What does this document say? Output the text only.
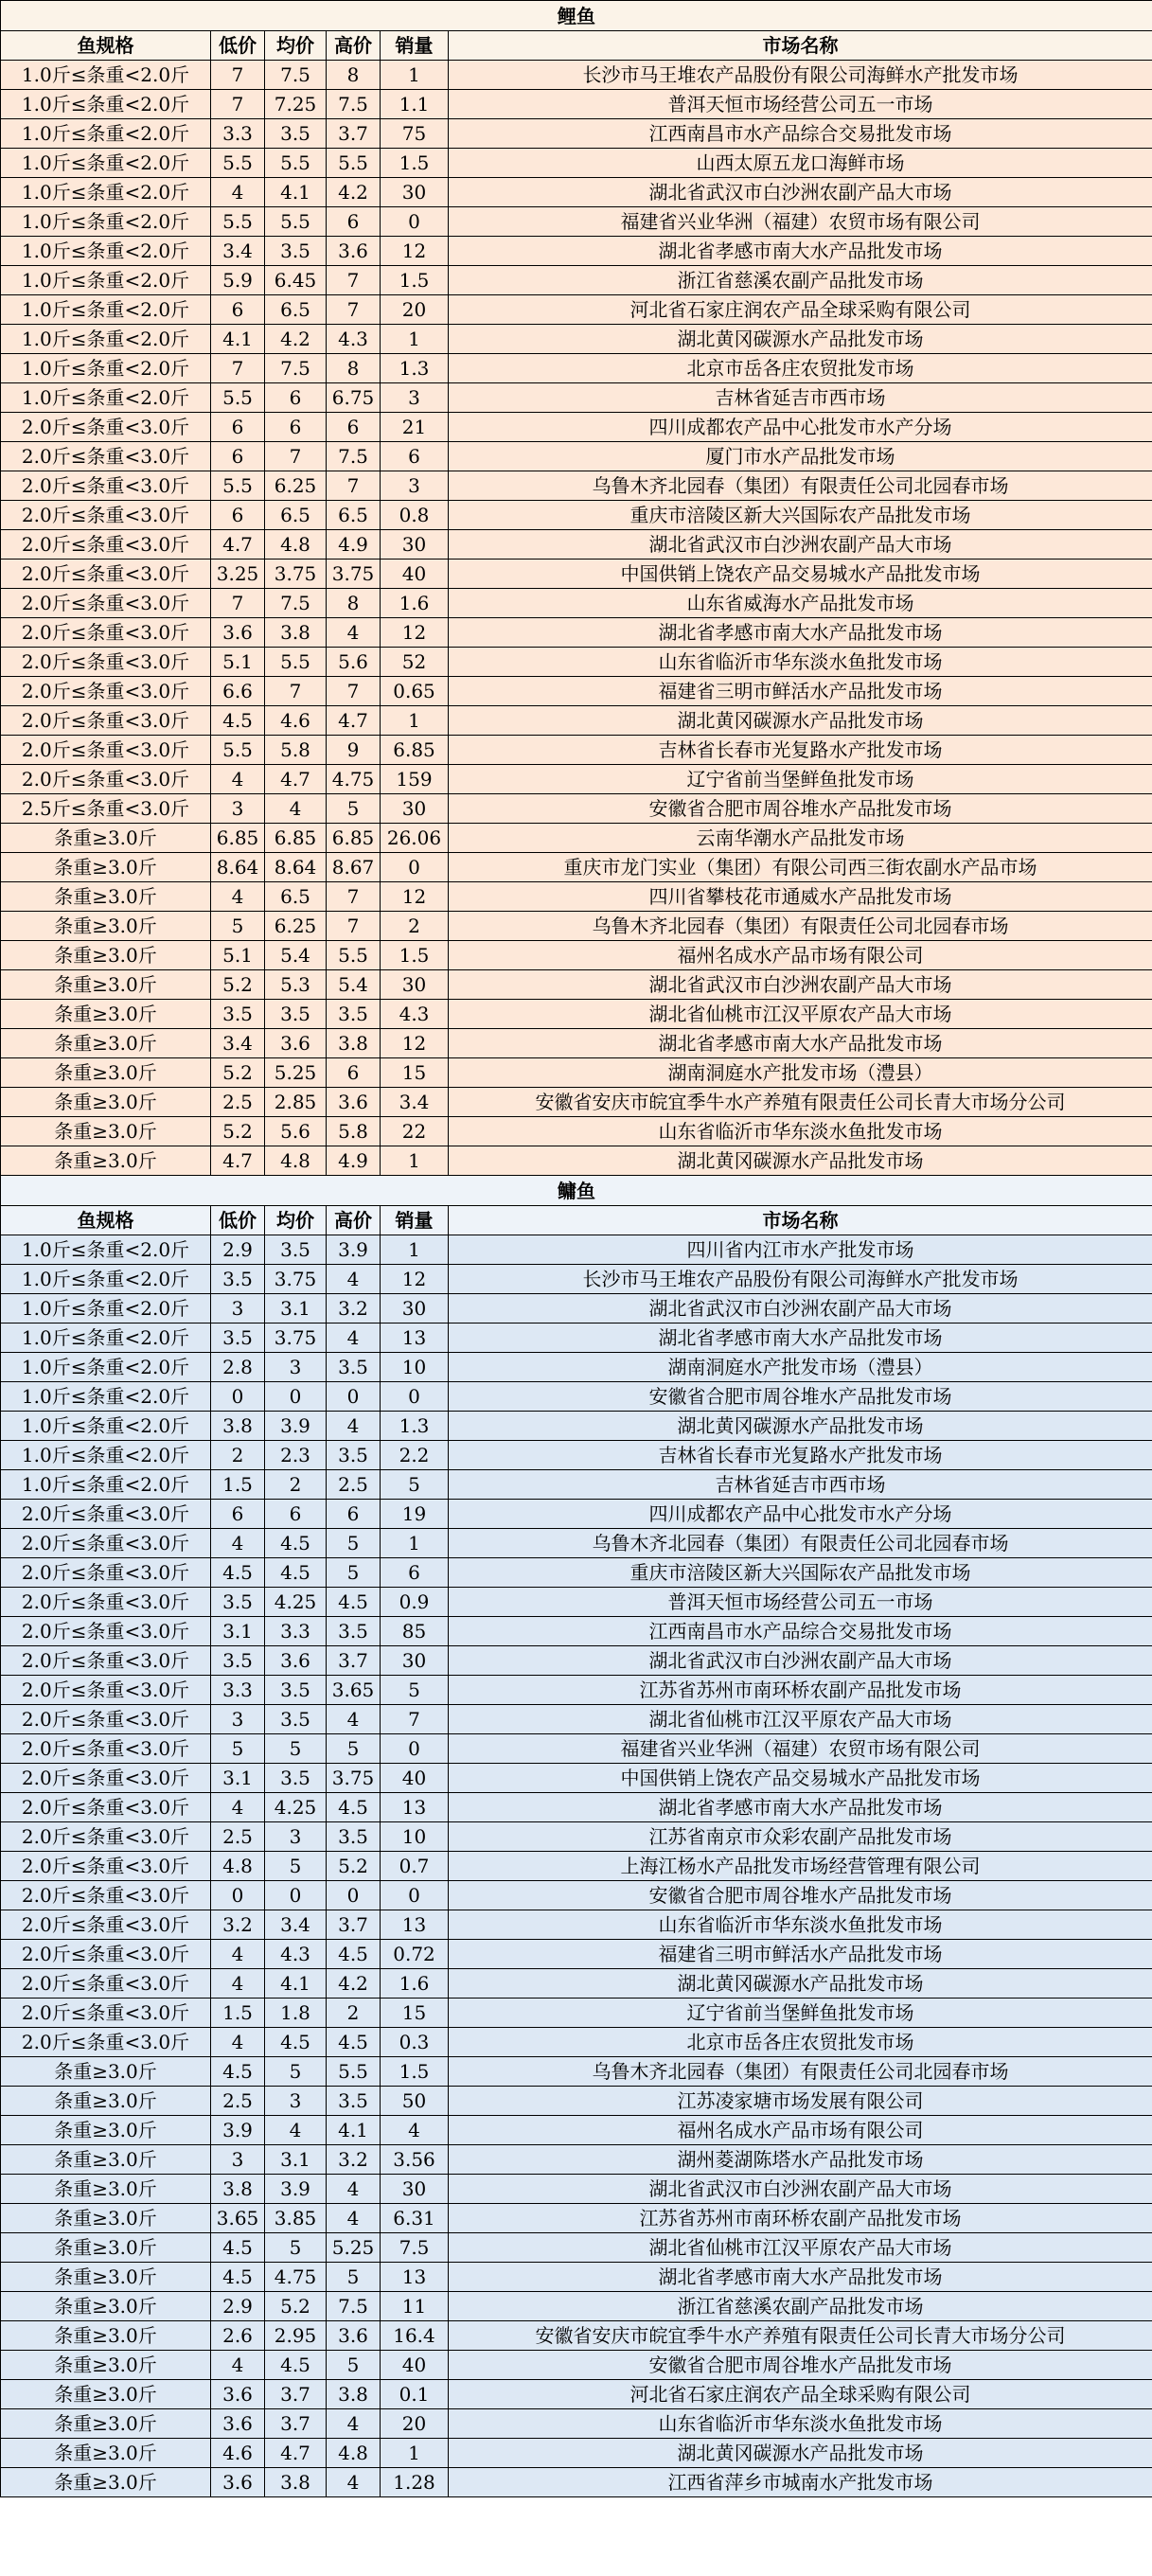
鲤鱼					
鱼规格	低价	均价	高价	销量	市场名称
1.0斤≤条重<2.0斤	7	7.5	8	1	长沙市马王堆农产品股份有限公司海鲜水产批发市场
1.0斤≤条重<2.0斤	7	7.25	7.5	1.1	普洱天恒市场经营公司五一市场
1.0斤≤条重<2.0斤	3.3	3.5	3.7	75	江西南昌市水产品综合交易批发市场
1.0斤≤条重<2.0斤	5.5	5.5	5.5	1.5	山西太原五龙口海鲜市场
1.0斤≤条重<2.0斤	4	4.1	4.2	30	湖北省武汉市白沙洲农副产品大市场
1.0斤≤条重<2.0斤	5.5	5.5	6	0	福建省兴业华洲（福建）农贸市场有限公司
1.0斤≤条重<2.0斤	3.4	3.5	3.6	12	湖北省孝感市南大水产品批发市场
1.0斤≤条重<2.0斤	5.9	6.45	7	1.5	浙江省慈溪农副产品批发市场
1.0斤≤条重<2.0斤	6	6.5	7	20	河北省石家庄润农产品全球采购有限公司
1.0斤≤条重<2.0斤	4.1	4.2	4.3	1	湖北黄冈碳源水产品批发市场
1.0斤≤条重<2.0斤	7	7.5	8	1.3	北京市岳各庄农贸批发市场
1.0斤≤条重<2.0斤	5.5	6	6.75	3	吉林省延吉市西市场
2.0斤≤条重<3.0斤	6	6	6	21	四川成都农产品中心批发市水产分场
2.0斤≤条重<3.0斤	6	7	7.5	6	厦门市水产品批发市场
2.0斤≤条重<3.0斤	5.5	6.25	7	3	乌鲁木齐北园春（集团）有限责任公司北园春市场
2.0斤≤条重<3.0斤	6	6.5	6.5	0.8	重庆市涪陵区新大兴国际农产品批发市场
2.0斤≤条重<3.0斤	4.7	4.8	4.9	30	湖北省武汉市白沙洲农副产品大市场
2.0斤≤条重<3.0斤	3.25	3.75	3.75	40	中国供销上饶农产品交易城水产品批发市场
2.0斤≤条重<3.0斤	7	7.5	8	1.6	山东省威海水产品批发市场
2.0斤≤条重<3.0斤	3.6	3.8	4	12	湖北省孝感市南大水产品批发市场
2.0斤≤条重<3.0斤	5.1	5.5	5.6	52	山东省临沂市华东淡水鱼批发市场
2.0斤≤条重<3.0斤	6.6	7	7	0.65	福建省三明市鲜活水产品批发市场
2.0斤≤条重<3.0斤	4.5	4.6	4.7	1	湖北黄冈碳源水产品批发市场
2.0斤≤条重<3.0斤	5.5	5.8	9	6.85	吉林省长春市光复路水产批发市场
2.0斤≤条重<3.0斤	4	4.7	4.75	159	辽宁省前当堡鲜鱼批发市场
2.5斤≤条重<3.0斤	3	4	5	30	安徽省合肥市周谷堆水产品批发市场
条重≥3.0斤	6.85	6.85	6.85	26.06	云南华潮水产品批发市场
条重≥3.0斤	8.64	8.64	8.67	0	重庆市龙门实业（集团）有限公司西三街农副水产品市场
条重≥3.0斤	4	6.5	7	12	四川省攀枝花市通威水产品批发市场
条重≥3.0斤	5	6.25	7	2	乌鲁木齐北园春（集团）有限责任公司北园春市场
条重≥3.0斤	5.1	5.4	5.5	1.5	福州名成水产品市场有限公司
条重≥3.0斤	5.2	5.3	5.4	30	湖北省武汉市白沙洲农副产品大市场
条重≥3.0斤	3.5	3.5	3.5	4.3	湖北省仙桃市江汉平原农产品大市场
条重≥3.0斤	3.4	3.6	3.8	12	湖北省孝感市南大水产品批发市场
条重≥3.0斤	5.2	5.25	6	15	湖南洞庭水产批发市场（澧县）
条重≥3.0斤	2.5	2.85	3.6	3.4	安徽省安庆市皖宜季牛水产养殖有限责任公司长青大市场分公司
条重≥3.0斤	5.2	5.6	5.8	22	山东省临沂市华东淡水鱼批发市场
条重≥3.0斤	4.7	4.8	4.9	1	湖北黄冈碳源水产品批发市场
鳙鱼					
鱼规格	低价	均价	高价	销量	市场名称
1.0斤≤条重<2.0斤	2.9	3.5	3.9	1	四川省内江市水产批发市场
1.0斤≤条重<2.0斤	3.5	3.75	4	12	长沙市马王堆农产品股份有限公司海鲜水产批发市场
1.0斤≤条重<2.0斤	3	3.1	3.2	30	湖北省武汉市白沙洲农副产品大市场
1.0斤≤条重<2.0斤	3.5	3.75	4	13	湖北省孝感市南大水产品批发市场
1.0斤≤条重<2.0斤	2.8	3	3.5	10	湖南洞庭水产批发市场（澧县）
1.0斤≤条重<2.0斤	0	0	0	0	安徽省合肥市周谷堆水产品批发市场
1.0斤≤条重<2.0斤	3.8	3.9	4	1.3	湖北黄冈碳源水产品批发市场
1.0斤≤条重<2.0斤	2	2.3	3.5	2.2	吉林省长春市光复路水产批发市场
1.0斤≤条重<2.0斤	1.5	2	2.5	5	吉林省延吉市西市场
2.0斤≤条重<3.0斤	6	6	6	19	四川成都农产品中心批发市水产分场
2.0斤≤条重<3.0斤	4	4.5	5	1	乌鲁木齐北园春（集团）有限责任公司北园春市场
2.0斤≤条重<3.0斤	4.5	4.5	5	6	重庆市涪陵区新大兴国际农产品批发市场
2.0斤≤条重<3.0斤	3.5	4.25	4.5	0.9	普洱天恒市场经营公司五一市场
2.0斤≤条重<3.0斤	3.1	3.3	3.5	85	江西南昌市水产品综合交易批发市场
2.0斤≤条重<3.0斤	3.5	3.6	3.7	30	湖北省武汉市白沙洲农副产品大市场
2.0斤≤条重<3.0斤	3.3	3.5	3.65	5	江苏省苏州市南环桥农副产品批发市场
2.0斤≤条重<3.0斤	3	3.5	4	7	湖北省仙桃市江汉平原农产品大市场
2.0斤≤条重<3.0斤	5	5	5	0	福建省兴业华洲（福建）农贸市场有限公司
2.0斤≤条重<3.0斤	3.1	3.5	3.75	40	中国供销上饶农产品交易城水产品批发市场
2.0斤≤条重<3.0斤	4	4.25	4.5	13	湖北省孝感市南大水产品批发市场
2.0斤≤条重<3.0斤	2.5	3	3.5	10	江苏省南京市众彩农副产品批发市场
2.0斤≤条重<3.0斤	4.8	5	5.2	0.7	上海江杨水产品批发市场经营管理有限公司
2.0斤≤条重<3.0斤	0	0	0	0	安徽省合肥市周谷堆水产品批发市场
2.0斤≤条重<3.0斤	3.2	3.4	3.7	13	山东省临沂市华东淡水鱼批发市场
2.0斤≤条重<3.0斤	4	4.3	4.5	0.72	福建省三明市鲜活水产品批发市场
2.0斤≤条重<3.0斤	4	4.1	4.2	1.6	湖北黄冈碳源水产品批发市场
2.0斤≤条重<3.0斤	1.5	1.8	2	15	辽宁省前当堡鲜鱼批发市场
2.0斤≤条重<3.0斤	4	4.5	4.5	0.3	北京市岳各庄农贸批发市场
条重≥3.0斤	4.5	5	5.5	1.5	乌鲁木齐北园春（集团）有限责任公司北园春市场
条重≥3.0斤	2.5	3	3.5	50	江苏凌家塘市场发展有限公司
条重≥3.0斤	3.9	4	4.1	4	福州名成水产品市场有限公司
条重≥3.0斤	3	3.1	3.2	3.56	湖州菱湖陈塔水产品批发市场
条重≥3.0斤	3.8	3.9	4	30	湖北省武汉市白沙洲农副产品大市场
条重≥3.0斤	3.65	3.85	4	6.31	江苏省苏州市南环桥农副产品批发市场
条重≥3.0斤	4.5	5	5.25	7.5	湖北省仙桃市江汉平原农产品大市场
条重≥3.0斤	4.5	4.75	5	13	湖北省孝感市南大水产品批发市场
条重≥3.0斤	2.9	5.2	7.5	11	浙江省慈溪农副产品批发市场
条重≥3.0斤	2.6	2.95	3.6	16.4	安徽省安庆市皖宜季牛水产养殖有限责任公司长青大市场分公司
条重≥3.0斤	4	4.5	5	40	安徽省合肥市周谷堆水产品批发市场
条重≥3.0斤	3.6	3.7	3.8	0.1	河北省石家庄润农产品全球采购有限公司
条重≥3.0斤	3.6	3.7	4	20	山东省临沂市华东淡水鱼批发市场
条重≥3.0斤	4.6	4.7	4.8	1	湖北黄冈碳源水产品批发市场
条重≥3.0斤	3.6	3.8	4	1.28	江西省萍乡市城南水产批发市场
